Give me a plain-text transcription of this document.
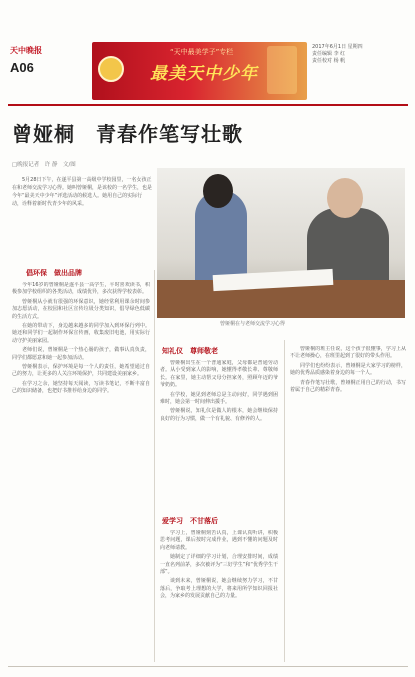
天中晚报
A06
“天中最美学子”专栏
最美天中少年
2017年6月1日 星期四
责任编辑 李 红
责任校对 杨 帆
曾娅桐　青春作笔写壮歌
□晚报记者　许 静　文/图

5月28日下午，在遂平县第一高级中学校园里，一名女孩正在和老师交流学习心得。她叫曾娅桐，是该校的一名学生，也是今年“最美天中少年”评选活动的候选人。她用自己的实际行动，诠释着新时代青少年的风采。

曾娅桐在与老师交流学习心得
倡环保　做出品牌

今年16岁的曾娅桐是遂平县一高学生，平时喜欢读书，积极参加学校组织的各类活动，成绩优异，多次获得学校表彰。

曾娅桐从小就有很强的环保意识，她经常利用课余时间参加志愿活动，在校园和社区宣传垃圾分类知识，倡导绿色低碳的生活方式。

在她的带动下，身边越来越多的同学加入到环保行列中。她还和同学们一起制作环保宣传画，收集废旧电池，用实际行动守护美丽家园。

老师们说，曾娅桐是一个热心肠的孩子，做事认真负责，同学们都愿意和她一起参加活动。

曾娅桐表示，保护环境是每一个人的责任，她希望通过自己的努力，让更多的人关注环境保护，共同建设美丽家乡。

在学习之余，她坚持每天阅读，写读书笔记，不断丰富自己的知识储备，也把好书推荐给身边的同学。

知礼仪　尊师敬老

曾娅桐出生在一个普通家庭，父母都是普通劳动者。从小受到家人的影响，她懂得孝敬长辈、尊敬师长。在家里，她主动帮父母分担家务，照顾年迈的爷爷奶奶。

在学校，她见到老师总是主动问好，同学遇到困难时，她会第一时间伸出援手。

曾娅桐说，知礼仪是做人的根本，她会继续保持良好的行为习惯，做一个有礼貌、有修养的人。

爱学习　不甘落后

学习上，曾娅桐刻苦认真，上课认真听讲，积极思考问题，课后按时完成作业，遇到不懂的问题及时向老师请教。

她制定了详细的学习计划，合理安排时间，成绩一直名列前茅，多次被评为“三好学生”和“优秀学生干部”。

谈到未来，曾娅桐说，她会继续努力学习，不甘落后，争取考上理想的大学，将来用所学知识回报社会，为家乡的发展贡献自己的力量。

曾娅桐的班主任说，这个孩子很懂事，学习上从不让老师操心，在班里起到了很好的带头作用。

同学们也纷纷表示，曾娅桐是大家学习的榜样，她的优秀品质感染着身边的每一个人。

青春作笔写壮歌，曾娅桐正用自己的行动，书写着属于自己的精彩青春。
